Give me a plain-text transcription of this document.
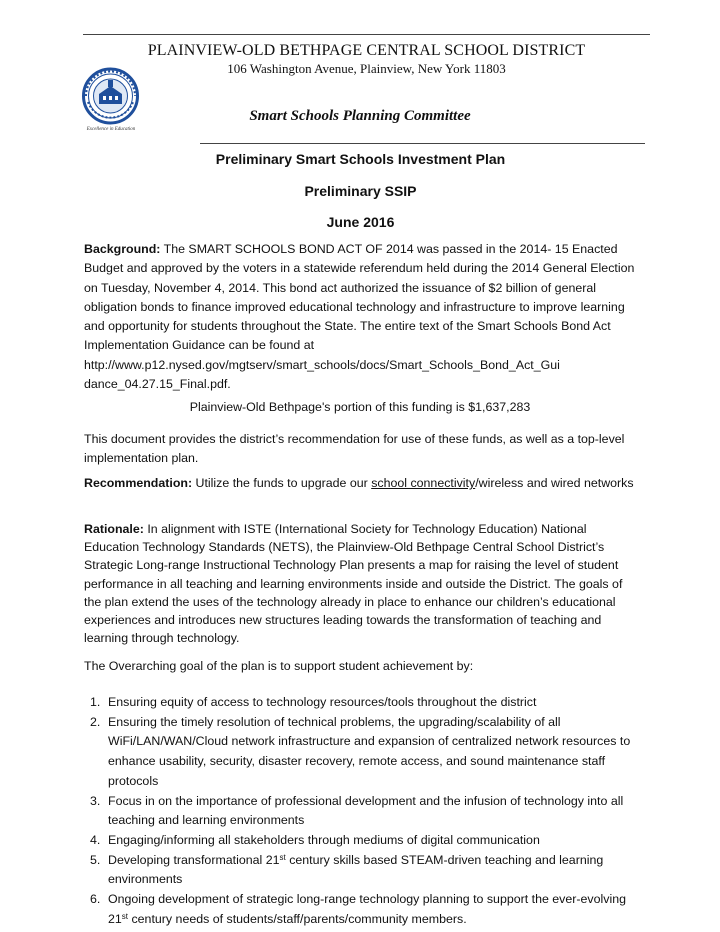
PLAINVIEW-OLD BETHPAGE CENTRAL SCHOOL DISTRICT
106 Washington Avenue, Plainview, New York 11803
Excellence in Education
Smart Schools Planning Committee
Preliminary Smart Schools Investment Plan
Preliminary SSIP
June 2016
Background: The SMART SCHOOLS BOND ACT OF 2014 was passed in the 2014- 15 Enacted Budget and approved by the voters in a statewide referendum held during the 2014 General Election on Tuesday, November 4, 2014. This bond act authorized the issuance of $2 billion of general obligation bonds to finance improved educational technology and infrastructure to improve learning and opportunity for students throughout the State. The entire text of the Smart Schools Bond Act Implementation Guidance can be found at
http://www.p12.nysed.gov/mgtserv/smart_schools/docs/Smart_Schools_Bond_Act_Gui
dance_04.27.15_Final.pdf.
Plainview-Old Bethpage's portion of this funding is $1,637,283
This document provides the district’s recommendation for use of these funds, as well as a top-level implementation plan.
Recommendation: Utilize the funds to upgrade our school connectivity/wireless and wired networks
Rationale: In alignment with ISTE (International Society for Technology Education) National Education Technology Standards (NETS), the Plainview-Old Bethpage Central School District’s Strategic Long-range Instructional Technology Plan presents a map for raising the level of student performance in all teaching and learning environments inside and outside the District. The goals of the plan extend the uses of the technology already in place to enhance our children’s educational experiences and introduces new structures leading towards the transformation of teaching and learning through technology.
The Overarching goal of the plan is to support student achievement by:
1. Ensuring equity of access to technology resources/tools throughout the district
2. Ensuring the timely resolution of technical problems, the upgrading/scalability of all WiFi/LAN/WAN/Cloud network infrastructure and expansion of centralized network resources to enhance usability, security, disaster recovery, remote access, and sound maintenance staff protocols
3. Focus in on the importance of professional development and the infusion of technology into all teaching and learning environments
4. Engaging/informing all stakeholders through mediums of digital communication
5. Developing transformational 21st century skills based STEAM-driven teaching and learning environments
6. Ongoing development of strategic long-range technology planning to support the ever-evolving 21st century needs of students/staff/parents/community members.
